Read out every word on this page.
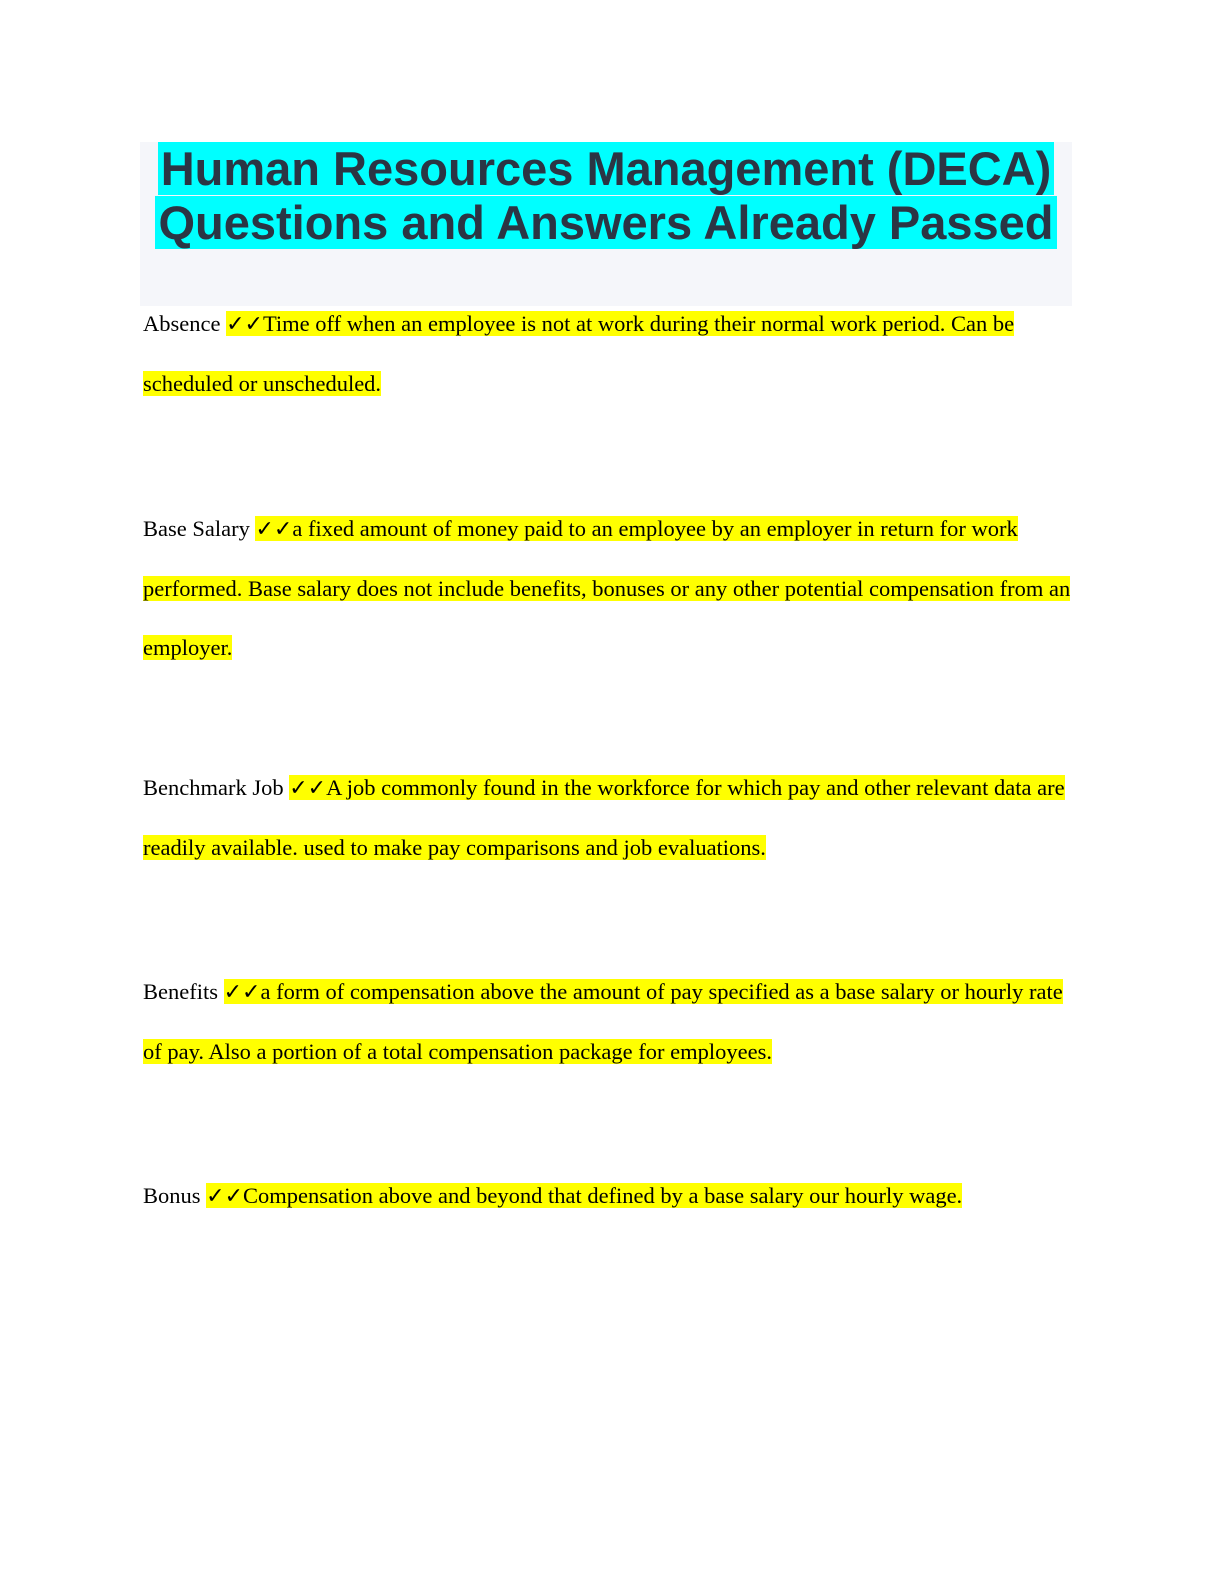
Human Resources Management (DECA)
Questions and Answers Already Passed
Absence ✓✓Time off when an employee is not at work during their normal work period. Can be scheduled or unscheduled.
Base Salary ✓✓a fixed amount of money paid to an employee by an employer in return for work performed. Base salary does not include benefits, bonuses or any other potential compensation from an employer.
Benchmark Job ✓✓A job commonly found in the workforce for which pay and other relevant data are readily available. used to make pay comparisons and job evaluations.
Benefits ✓✓a form of compensation above the amount of pay specified as a base salary or hourly rate of pay. Also a portion of a total compensation package for employees.
Bonus ✓✓Compensation above and beyond that defined by a base salary our hourly wage.
